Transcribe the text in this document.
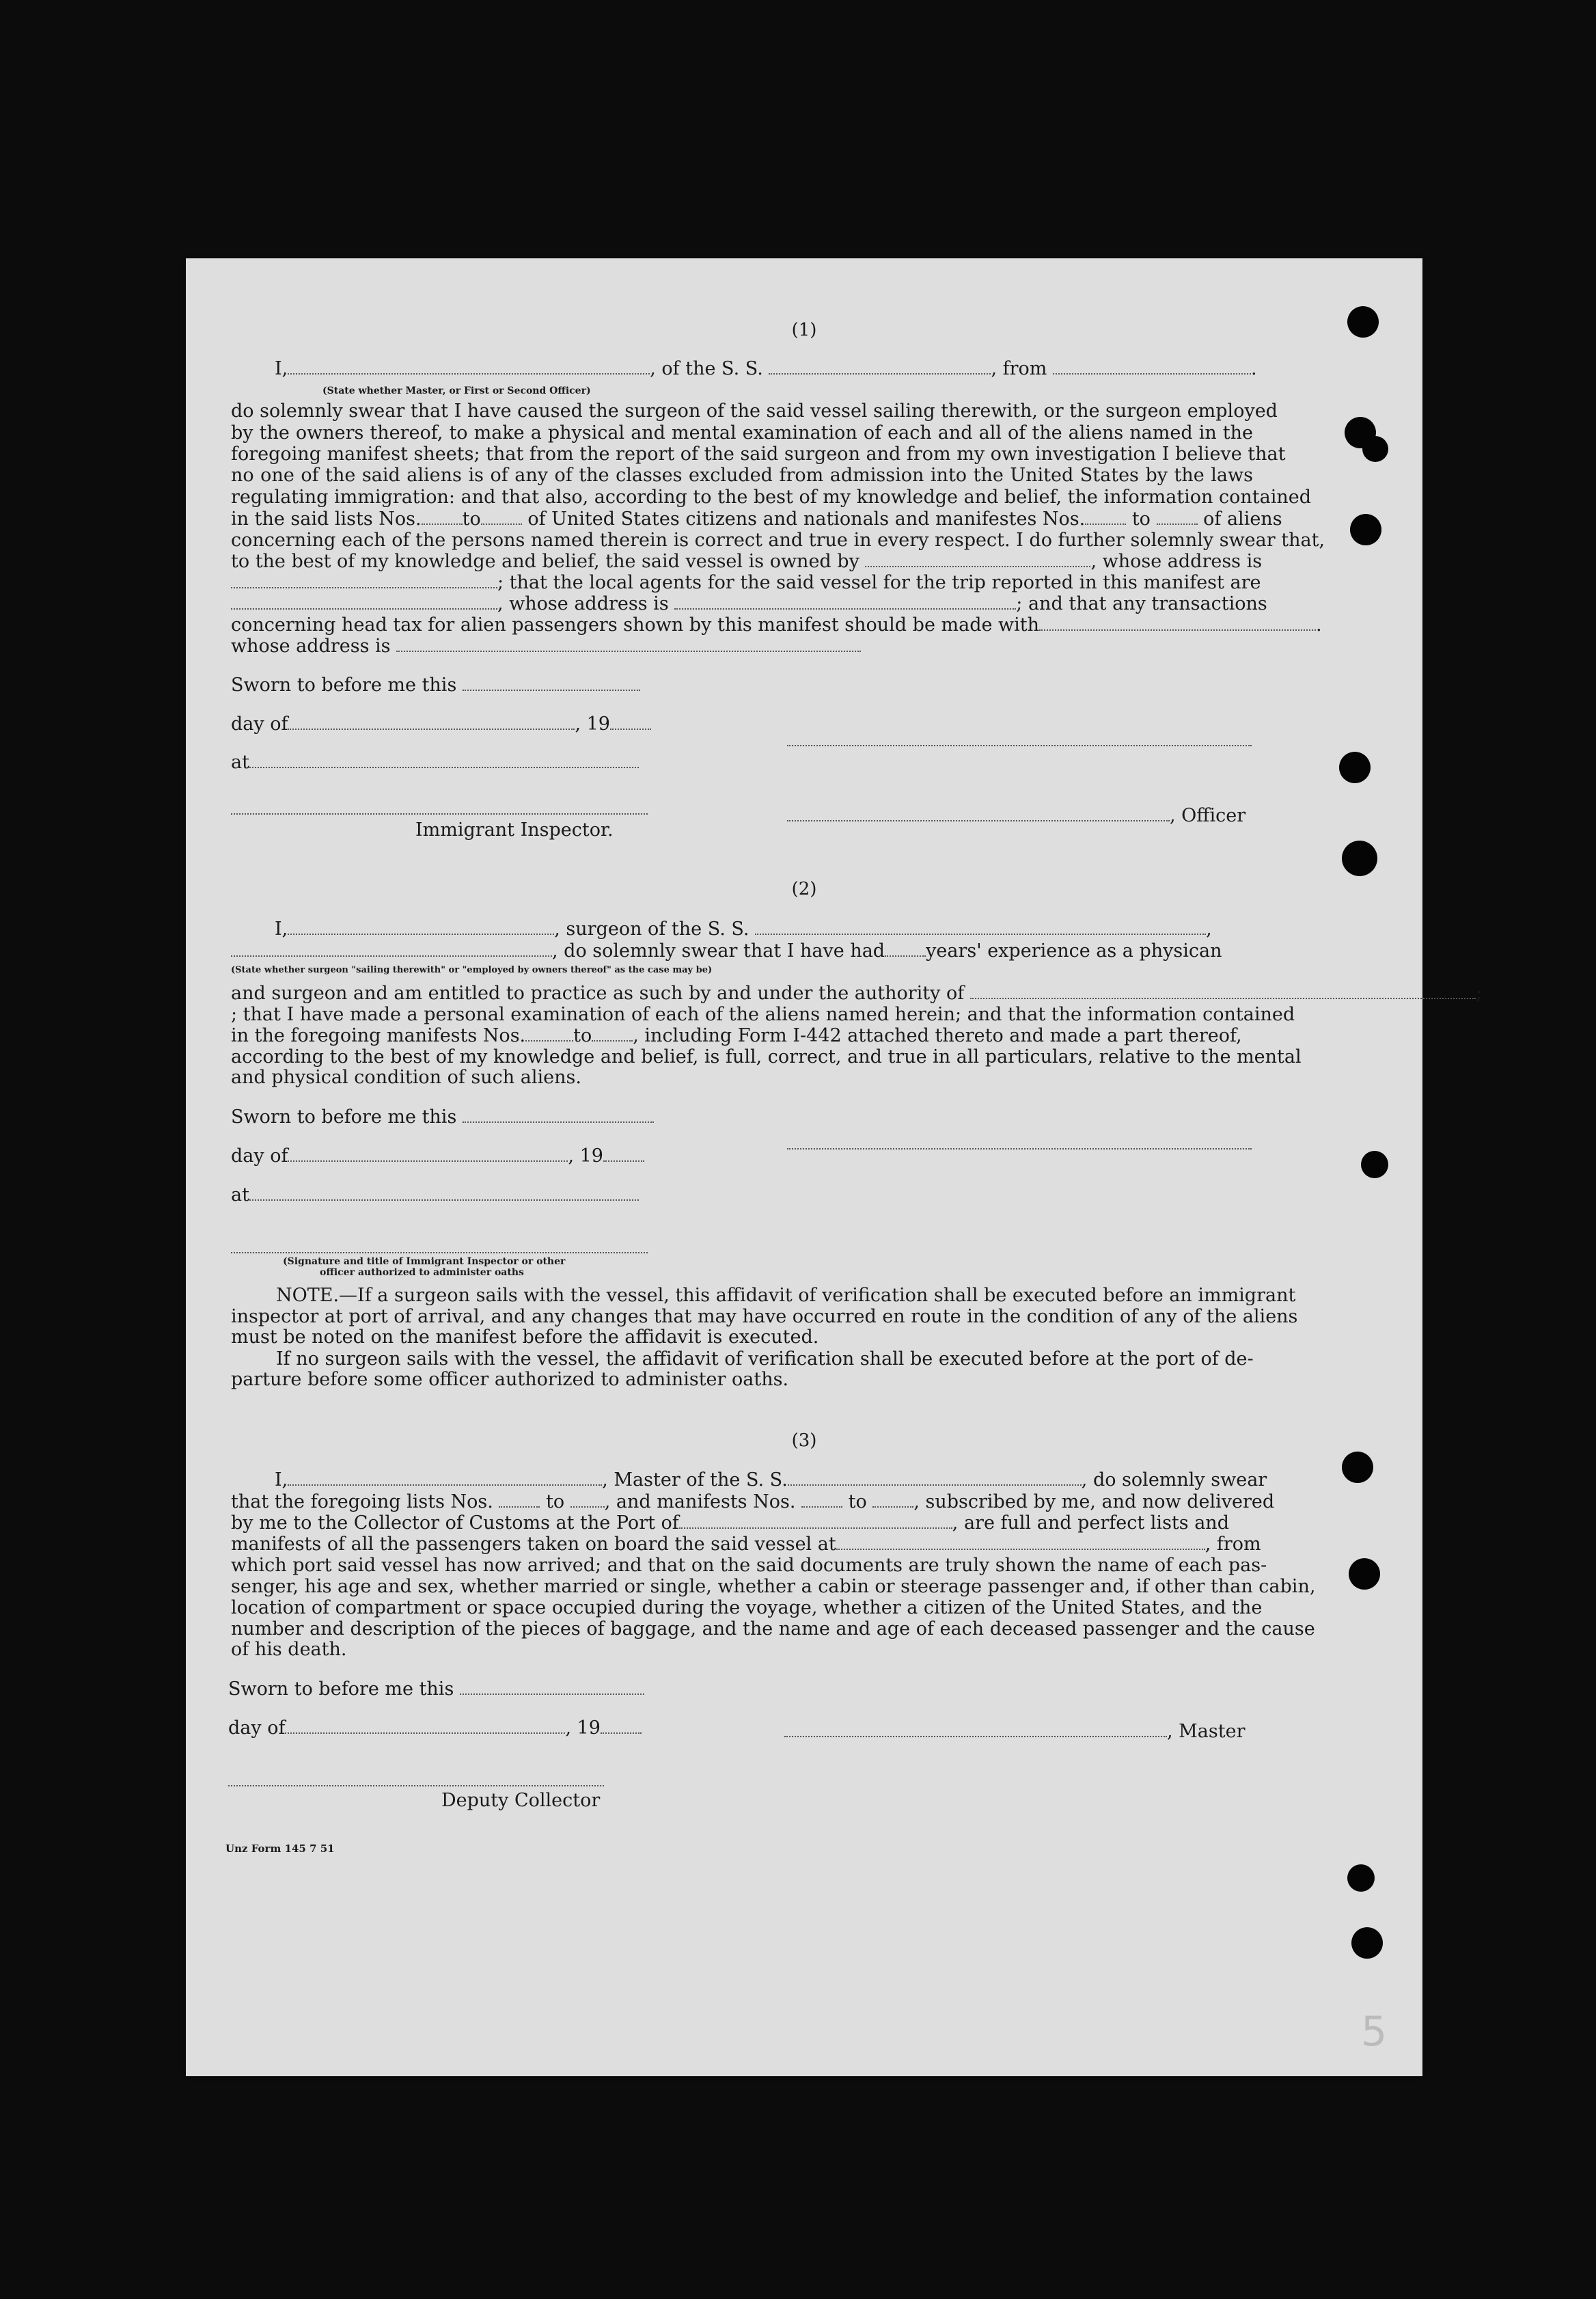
5
(1)
I,	, of the S. S.	, from	.
(State whether Master, or First or Second Officer)
do solemnly swear that I have caused the surgeon of the said vessel sailing therewith, or the surgeon employed
by the owners thereof, to make a physical and mental examination of each and all of the aliens named in the
foregoing manifest sheets; that from the report of the said surgeon and from my own investigation I believe that
no one of the said aliens is of any of the classes excluded from admission into the United States by the laws
regulating immigration: and that also, according to the best of my knowledge and belief, the information contained
in the said lists Nos. to	of United States citizens and nationals and manifestes Nos.	to	of aliens
concerning each of the persons named therein is correct and true in every respect. I do further solemnly swear that,
to the best of my knowledge and belief, the said vessel is owned by	, whose address is
; that the local agents for the said vessel for the trip reported in this manifest are
, whose address is	; and that any transactions
concerning head tax for alien passengers shown by this manifest should be made with	.
whose address is
Sworn to before me this
day of	, 19
at
, Officer
Immigrant Inspector.
(2)
I,	, surgeon of the S. S.	,
, do solemnly swear that I have had years' experience as a physican
(State whether surgeon "sailing therewith" or "employed by owners thereof" as the case may be)
and surgeon and am entitled to practice as such by and under the authority of	;
; that I have made a personal examination of each of the aliens named herein; and that the information contained
in the foregoing manifests Nos.	to , including Form I-442 attached thereto and made a part thereof,
according to the best of my knowledge and belief, is full, correct, and true in all particulars, relative to the mental
and physical condition of such aliens.
Sworn to before me this
day of	, 19
at
(Signature and title of Immigrant Inspector or other
officer authorized to administer oaths
NOTE.—If a surgeon sails with the vessel, this affidavit of verification shall be executed before an immigrant
inspector at port of arrival, and any changes that may have occurred en route in the condition of any of the aliens
must be noted on the manifest before the affidavit is executed.
If no surgeon sails with the vessel, the affidavit of verification shall be executed before at the port of de-
parture before some officer authorized to administer oaths.
(3)
I,	, Master of the S. S.	, do solemnly swear
that the foregoing lists Nos.	to , and manifests Nos.	to	, subscribed by me, and now delivered
by me to the Collector of Customs at the Port of	, are full and perfect lists and
manifests of all the passengers taken on board the said vessel at	, from
which port said vessel has now arrived; and that on the said documents are truly shown the name of each pas-
senger, his age and sex, whether married or single, whether a cabin or steerage passenger and, if other than cabin,
location of compartment or space occupied during the voyage, whether a citizen of the United States, and the
number and description of the pieces of baggage, and the name and age of each deceased passenger and the cause
of his death.
Sworn to before me this
day of	, 19	, Master
Deputy Collector
Unz Form 145 7 51
